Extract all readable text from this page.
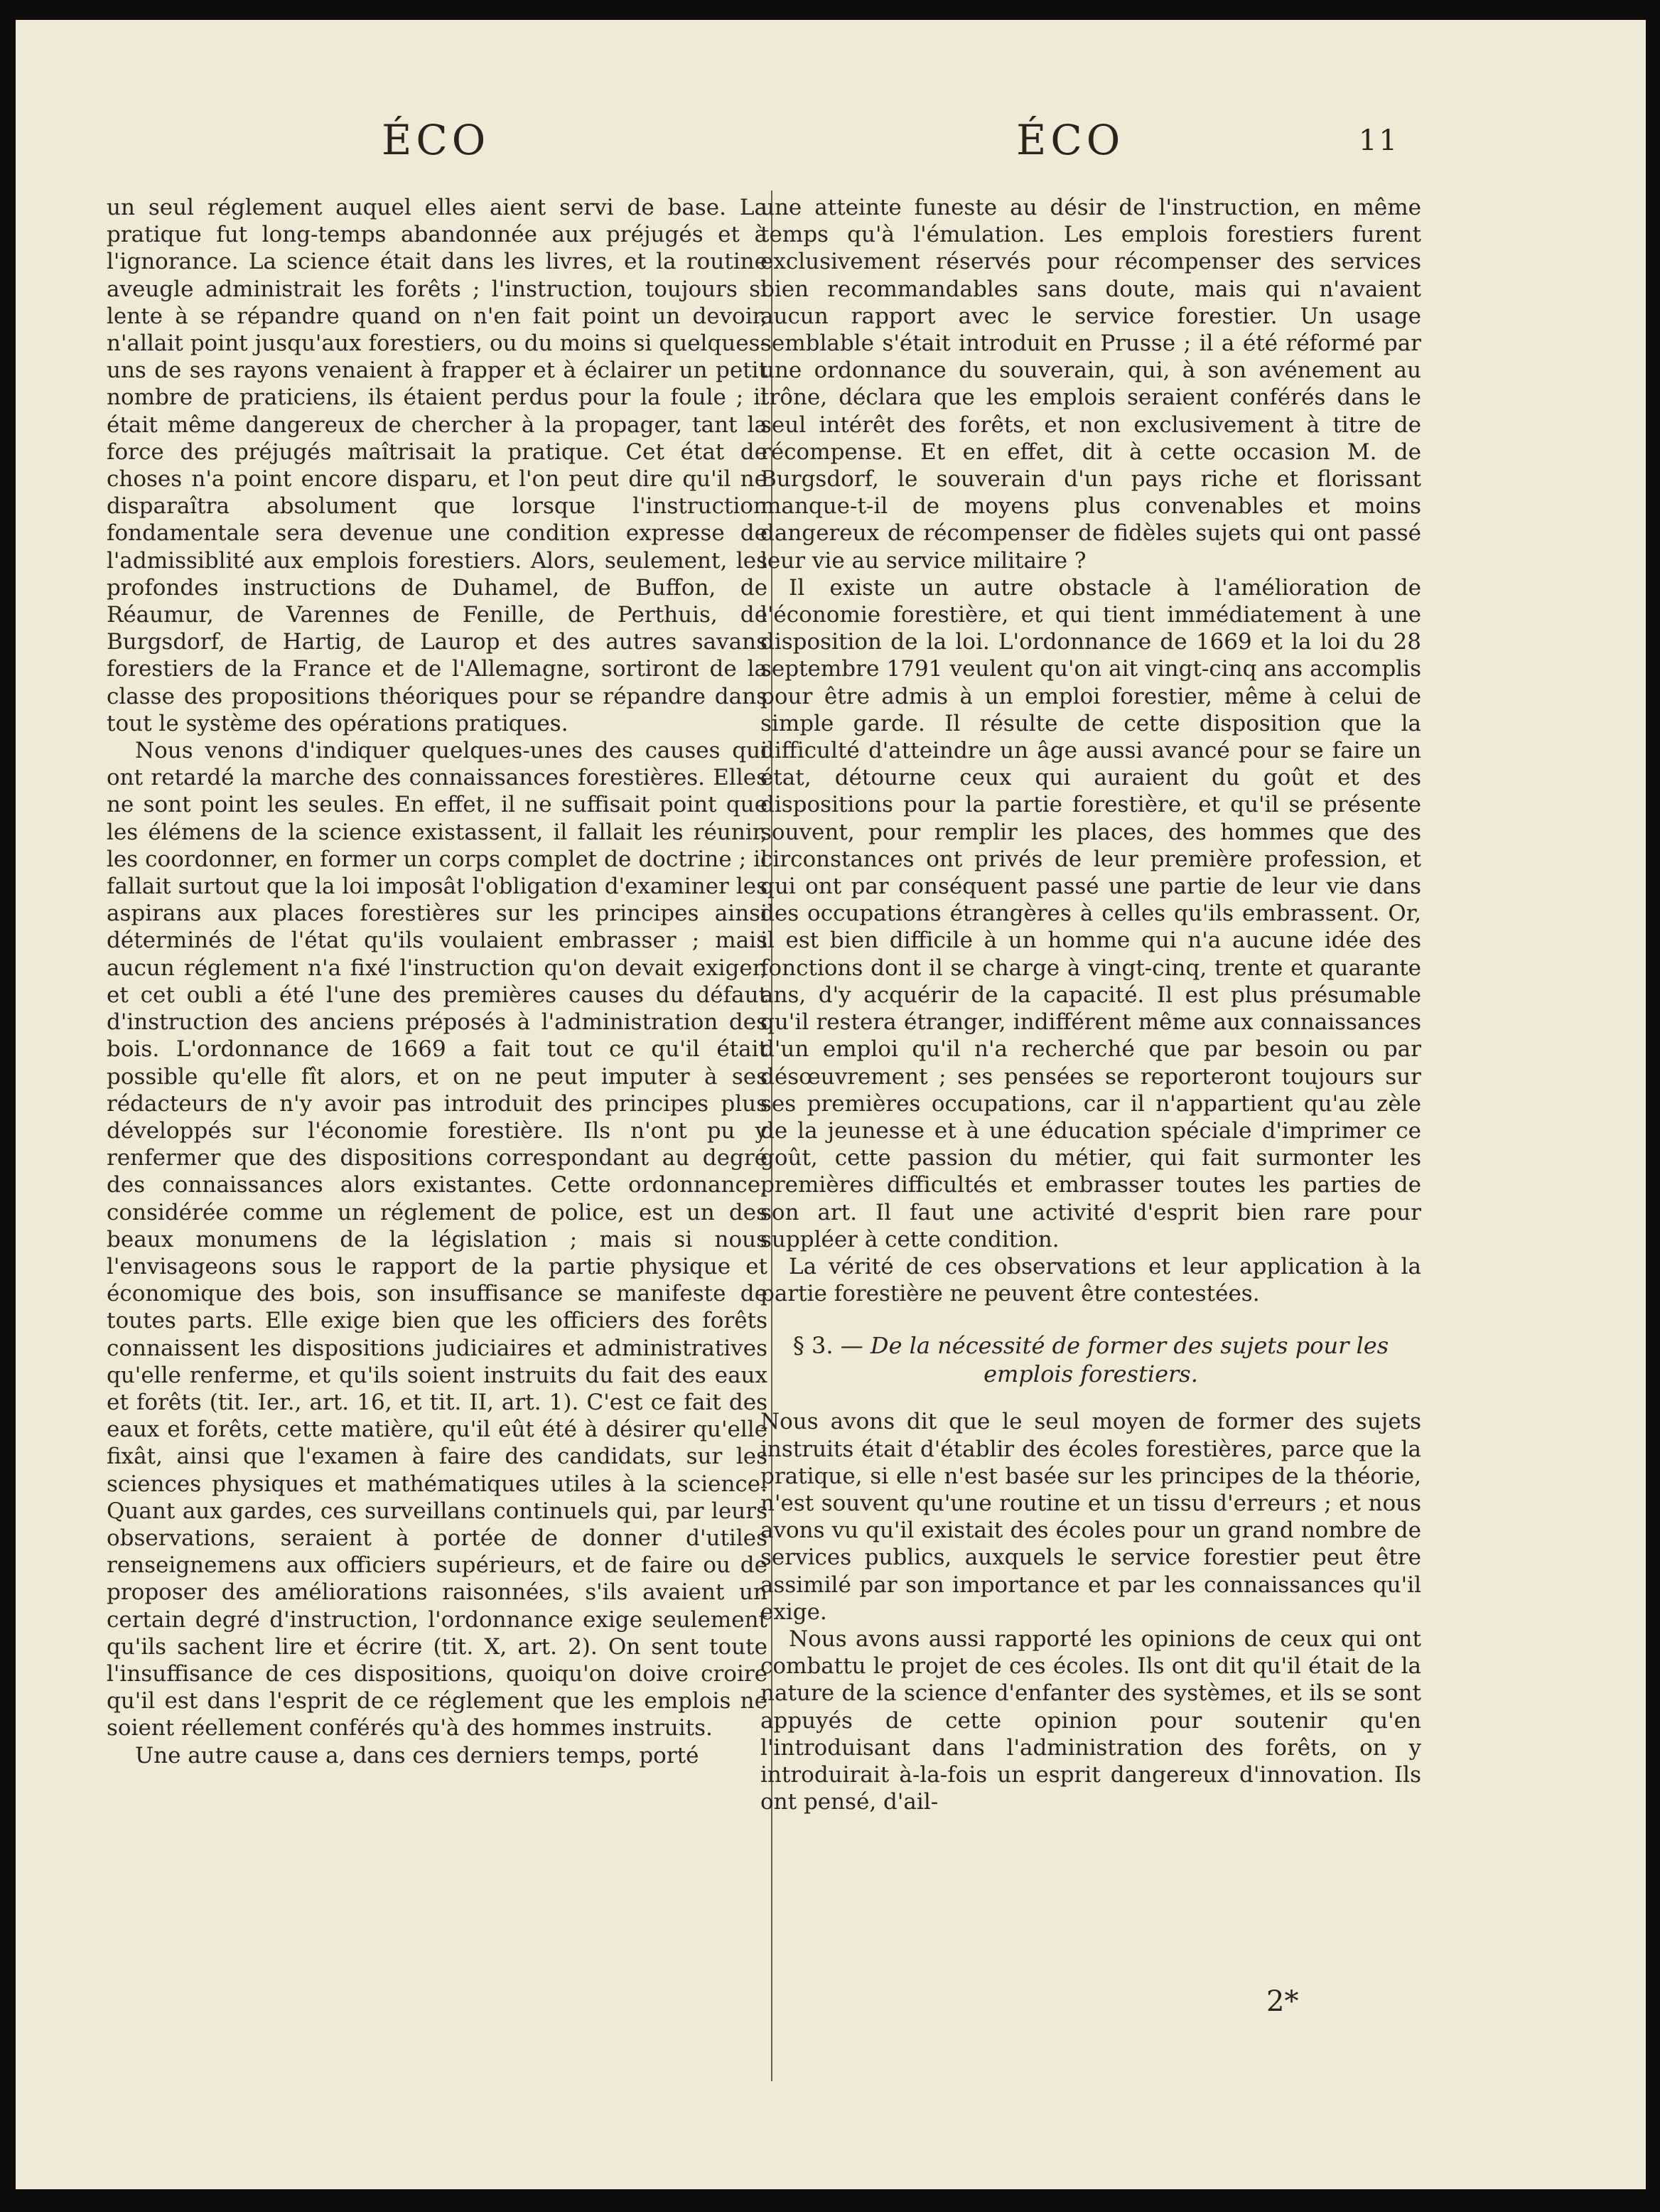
ÉCO	ÉCO	11

un seul réglement auquel elles aient servi de base. La pratique fut long-temps abandonnée aux préjugés et à l'ignorance. La science était dans les livres, et la routine aveugle administrait les forêts ; l'instruction, toujours si lente à se répandre quand on n'en fait point un devoir, n'allait point jusqu'aux forestiers, ou du moins si quelques-uns de ses rayons venaient à frapper et à éclairer un petit nombre de praticiens, ils étaient perdus pour la foule ; il était même dangereux de chercher à la propager, tant la force des préjugés maîtrisait la pratique. Cet état de choses n'a point encore disparu, et l'on peut dire qu'il ne disparaîtra absolument que lorsque l'instruction fondamentale sera devenue une condition expresse de l'admissiblité aux emplois forestiers. Alors, seulement, les profondes instructions de Duhamel, de Buffon, de Réaumur, de Varennes de Fenille, de Perthuis, de Burgsdorf, de Hartig, de Laurop et des autres savans forestiers de la France et de l'Allemagne, sortiront de la classe des propositions théoriques pour se répandre dans tout le système des opérations pratiques.

Nous venons d'indiquer quelques-unes des causes qui ont retardé la marche des connaissances forestières. Elles ne sont point les seules. En effet, il ne suffisait point que les élémens de la science existassent, il fallait les réunir, les coordonner, en former un corps complet de doctrine ; il fallait surtout que la loi imposât l'obligation d'examiner les aspirans aux places forestières sur les principes ainsi déterminés de l'état qu'ils voulaient embrasser ; mais aucun réglement n'a fixé l'instruction qu'on devait exiger, et cet oubli a été l'une des premières causes du défaut d'instruction des anciens préposés à l'administration des bois. L'ordonnance de 1669 a fait tout ce qu'il était possible qu'elle fît alors, et on ne peut imputer à ses rédacteurs de n'y avoir pas introduit des principes plus développés sur l'économie forestière. Ils n'ont pu y renfermer que des dispositions correspondant au degré des connaissances alors existantes. Cette ordonnance, considérée comme un réglement de police, est un des beaux monumens de la législation ; mais si nous l'envisageons sous le rapport de la partie physique et économique des bois, son insuffisance se manifeste de toutes parts. Elle exige bien que les officiers des forêts connaissent les dispositions judiciaires et administratives qu'elle renferme, et qu'ils soient instruits du fait des eaux et forêts (tit. Ier., art. 16, et tit. II, art. 1). C'est ce fait des eaux et forêts, cette matière, qu'il eût été à désirer qu'elle fixât, ainsi que l'examen à faire des candidats, sur les sciences physiques et mathématiques utiles à la science. Quant aux gardes, ces surveillans continuels qui, par leurs observations, seraient à portée de donner d'utiles renseignemens aux officiers supérieurs, et de faire ou de proposer des améliorations raisonnées, s'ils avaient un certain degré d'instruction, l'ordonnance exige seulement qu'ils sachent lire et écrire (tit. X, art. 2). On sent toute l'insuffisance de ces dispositions, quoiqu'on doive croire qu'il est dans l'esprit de ce réglement que les emplois ne soient réellement conférés qu'à des hommes instruits.

Une autre cause a, dans ces derniers temps, porté

une atteinte funeste au désir de l'instruction, en même temps qu'à l'émulation. Les emplois forestiers furent exclusivement réservés pour récompenser des services bien recommandables sans doute, mais qui n'avaient aucun rapport avec le service forestier. Un usage semblable s'était introduit en Prusse ; il a été réformé par une ordonnance du souverain, qui, à son avénement au trône, déclara que les emplois seraient conférés dans le seul intérêt des forêts, et non exclusivement à titre de récompense. Et en effet, dit à cette occasion M. de Burgsdorf, le souverain d'un pays riche et florissant manque-t-il de moyens plus convenables et moins dangereux de récompenser de fidèles sujets qui ont passé leur vie au service militaire ?

Il existe un autre obstacle à l'amélioration de l'économie forestière, et qui tient immédiatement à une disposition de la loi. L'ordonnance de 1669 et la loi du 28 septembre 1791 veulent qu'on ait vingt-cinq ans accomplis pour être admis à un emploi forestier, même à celui de simple garde. Il résulte de cette disposition que la difficulté d'atteindre un âge aussi avancé pour se faire un état, détourne ceux qui auraient du goût et des dispositions pour la partie forestière, et qu'il se présente souvent, pour remplir les places, des hommes que des circonstances ont privés de leur première profession, et qui ont par conséquent passé une partie de leur vie dans des occupations étrangères à celles qu'ils embrassent. Or, il est bien difficile à un homme qui n'a aucune idée des fonctions dont il se charge à vingt-cinq, trente et quarante ans, d'y acquérir de la capacité. Il est plus présumable qu'il restera étranger, indifférent même aux connaissances d'un emploi qu'il n'a recherché que par besoin ou par désœuvrement ; ses pensées se reporteront toujours sur ses premières occupations, car il n'appartient qu'au zèle de la jeunesse et à une éducation spéciale d'imprimer ce goût, cette passion du métier, qui fait surmonter les premières difficultés et embrasser toutes les parties de son art. Il faut une activité d'esprit bien rare pour suppléer à cette condition.

La vérité de ces observations et leur application à la partie forestière ne peuvent être contestées.

§ 3. — De la nécessité de former des sujets pour les emplois forestiers.

Nous avons dit que le seul moyen de former des sujets instruits était d'établir des écoles forestières, parce que la pratique, si elle n'est basée sur les principes de la théorie, n'est souvent qu'une routine et un tissu d'erreurs ; et nous avons vu qu'il existait des écoles pour un grand nombre de services publics, auxquels le service forestier peut être assimilé par son importance et par les connaissances qu'il exige.

Nous avons aussi rapporté les opinions de ceux qui ont combattu le projet de ces écoles. Ils ont dit qu'il était de la nature de la science d'enfanter des systèmes, et ils se sont appuyés de cette opinion pour soutenir qu'en l'introduisant dans l'administration des forêts, on y introduirait à-la-fois un esprit dangereux d'innovation. Ils ont pensé, d'ail-

2*
